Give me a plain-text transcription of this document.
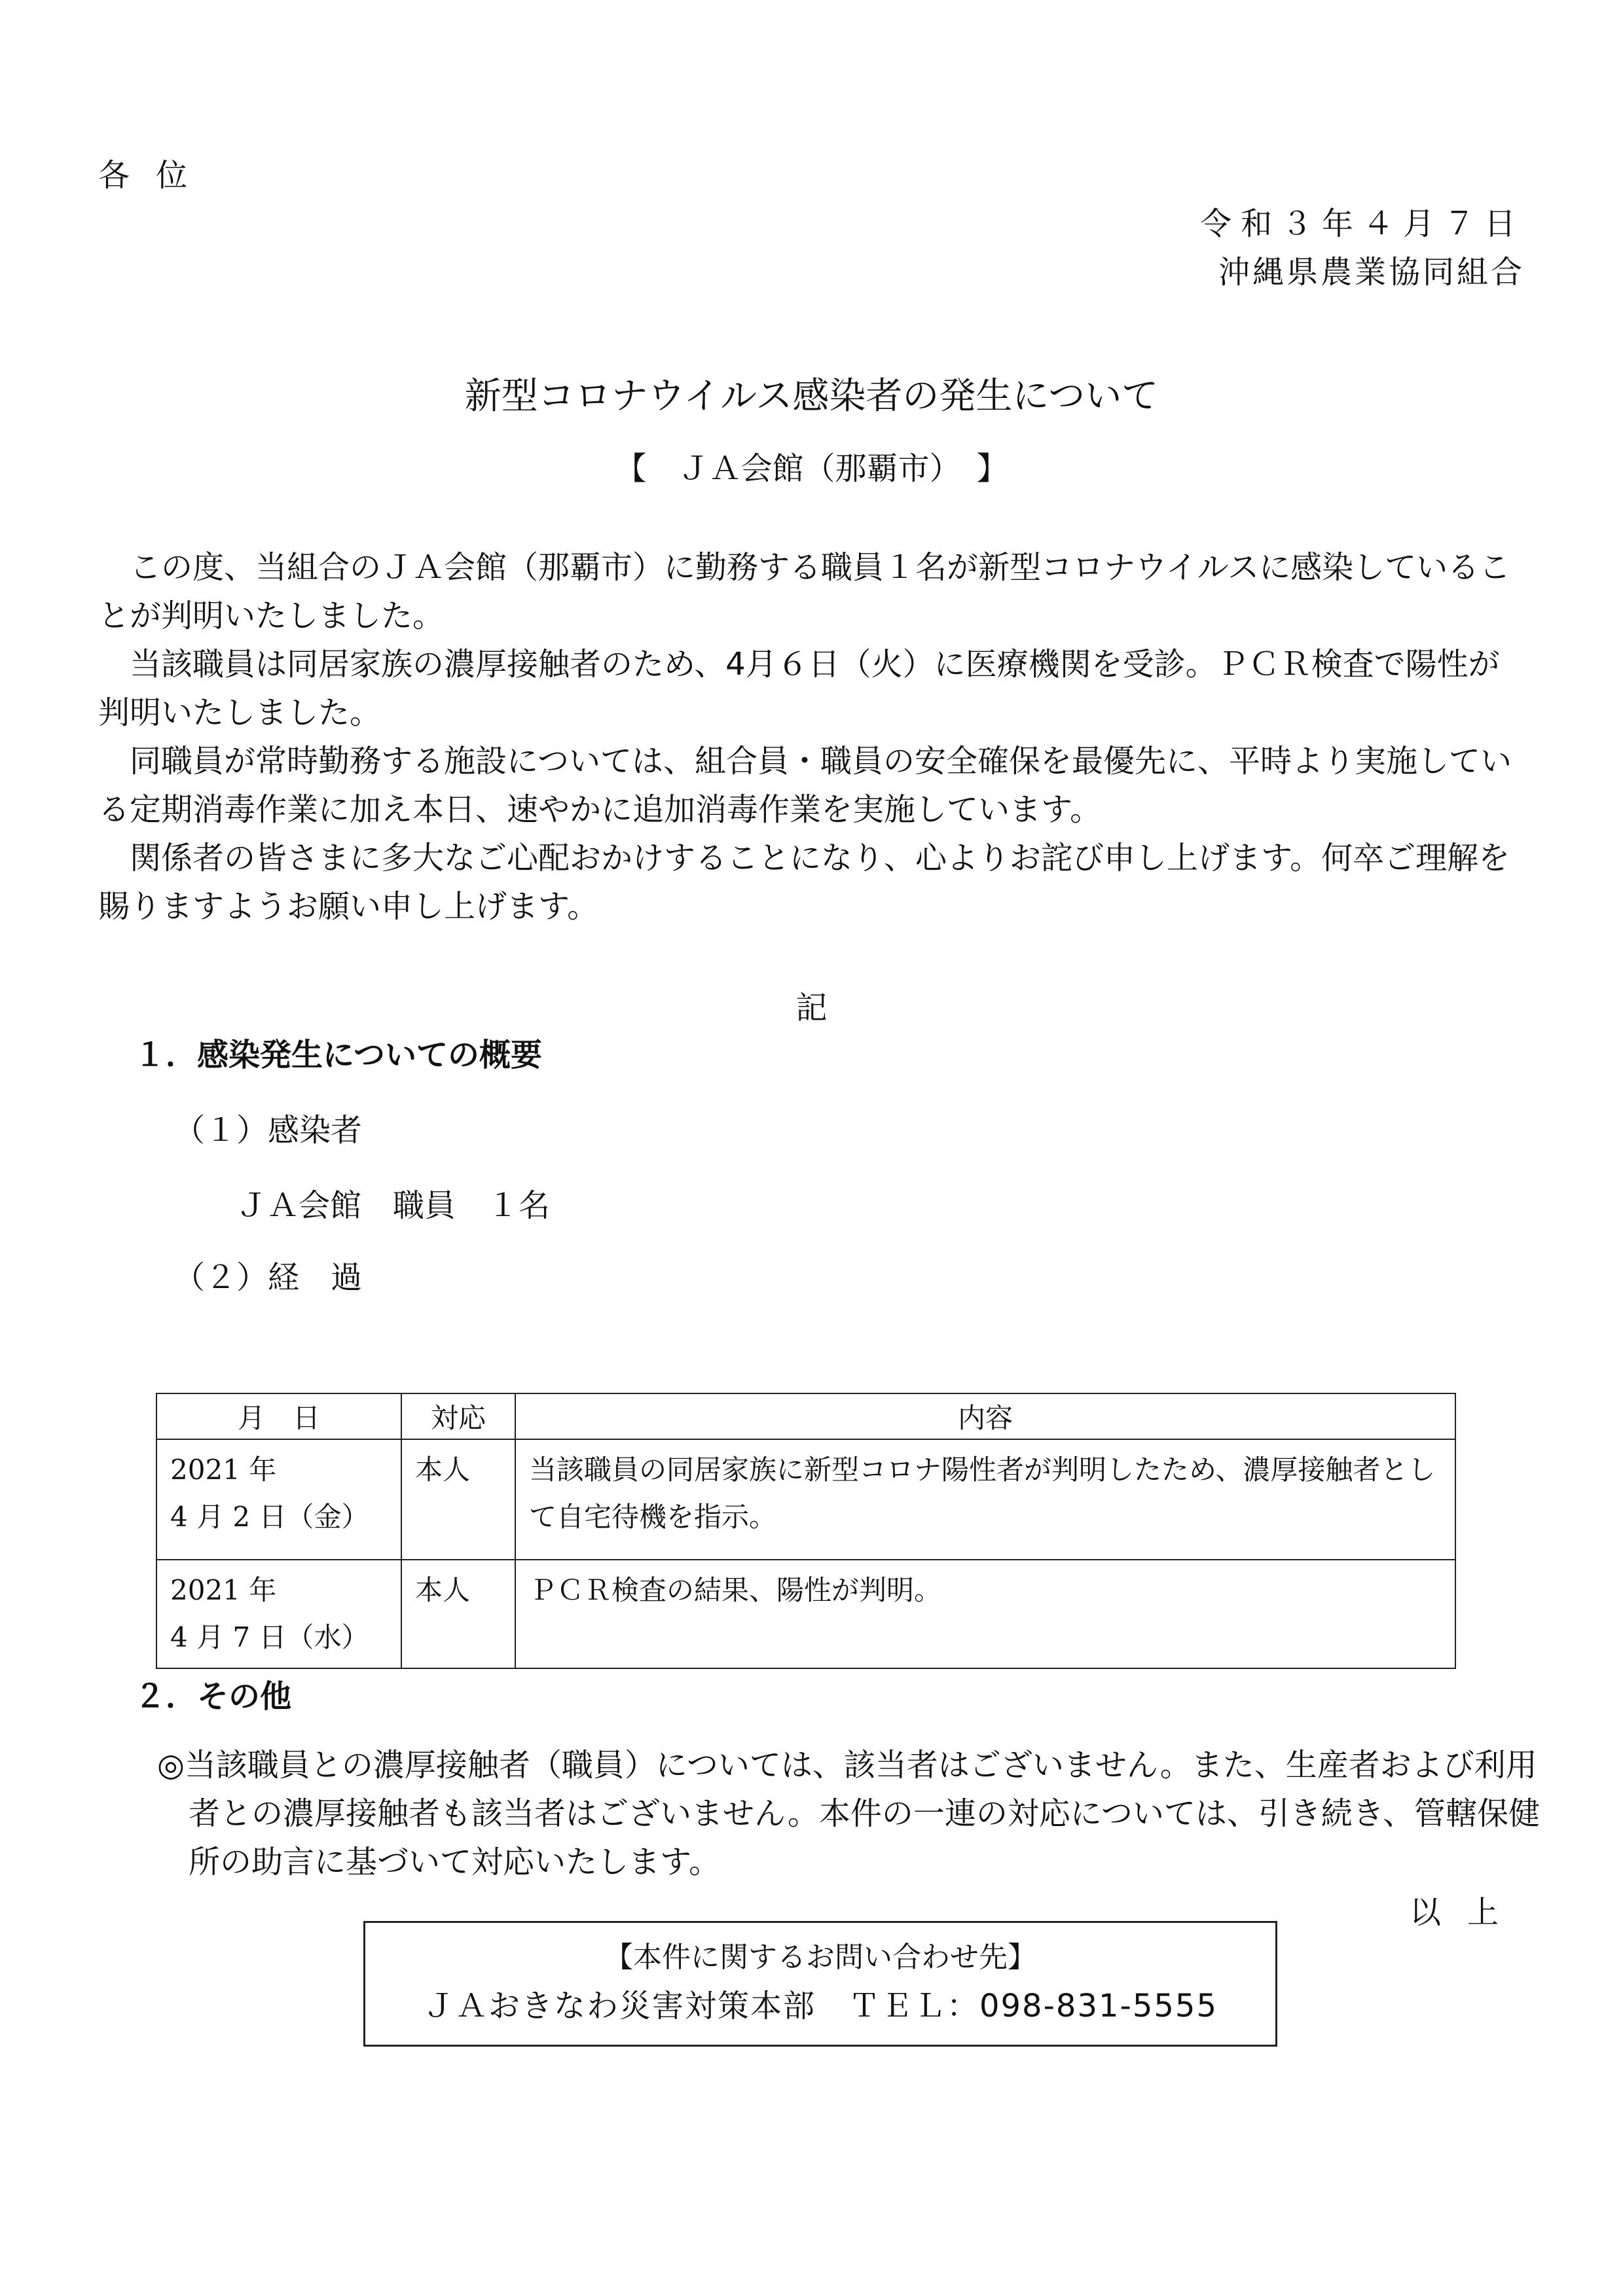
各位
令和３年４月７日
沖縄県農業協同組合
新型コロナウイルス感染者の発生について
【　ＪＡ会館（那覇市）　】
この度、当組合のＪＡ会館（那覇市）に勤務する職員１名が新型コロナウイルスに感染していることが判明いたしました。
当該職員は同居家族の濃厚接触者のため、4月６日（火）に医療機関を受診。ＰＣＲ検査で陽性が判明いたしました。
同職員が常時勤務する施設については、組合員・職員の安全確保を最優先に、平時より実施している定期消毒作業に加え本日、速やかに追加消毒作業を実施しています。
関係者の皆さまに多大なご心配おかけすることになり、心よりお詫び申し上げます。何卒ご理解を賜りますようお願い申し上げます。
記
１．感染発生についての概要
（１）感染者
ＪＡ会館　職員　１名
（２）経　過
月　日	対応	内容

2021 年
4 月 2 日（金）	本人	当該職員の同居家族に新型コロナ陽性者が判明したため、濃厚接触者として自宅待機を指示。

2021 年
4 月 7 日（水）	本人	ＰＣＲ検査の結果、陽性が判明。
２．その他
◎当該職員との濃厚接触者（職員）については、該当者はございません。また、生産者および利用者との濃厚接触者も該当者はございません。本件の一連の対応については、引き続き、管轄保健所の助言に基づいて対応いたします。
以上
【本件に関するお問い合わせ先】
ＪＡおきなわ災害対策本部　ＴＥＬ：098-831-5555
